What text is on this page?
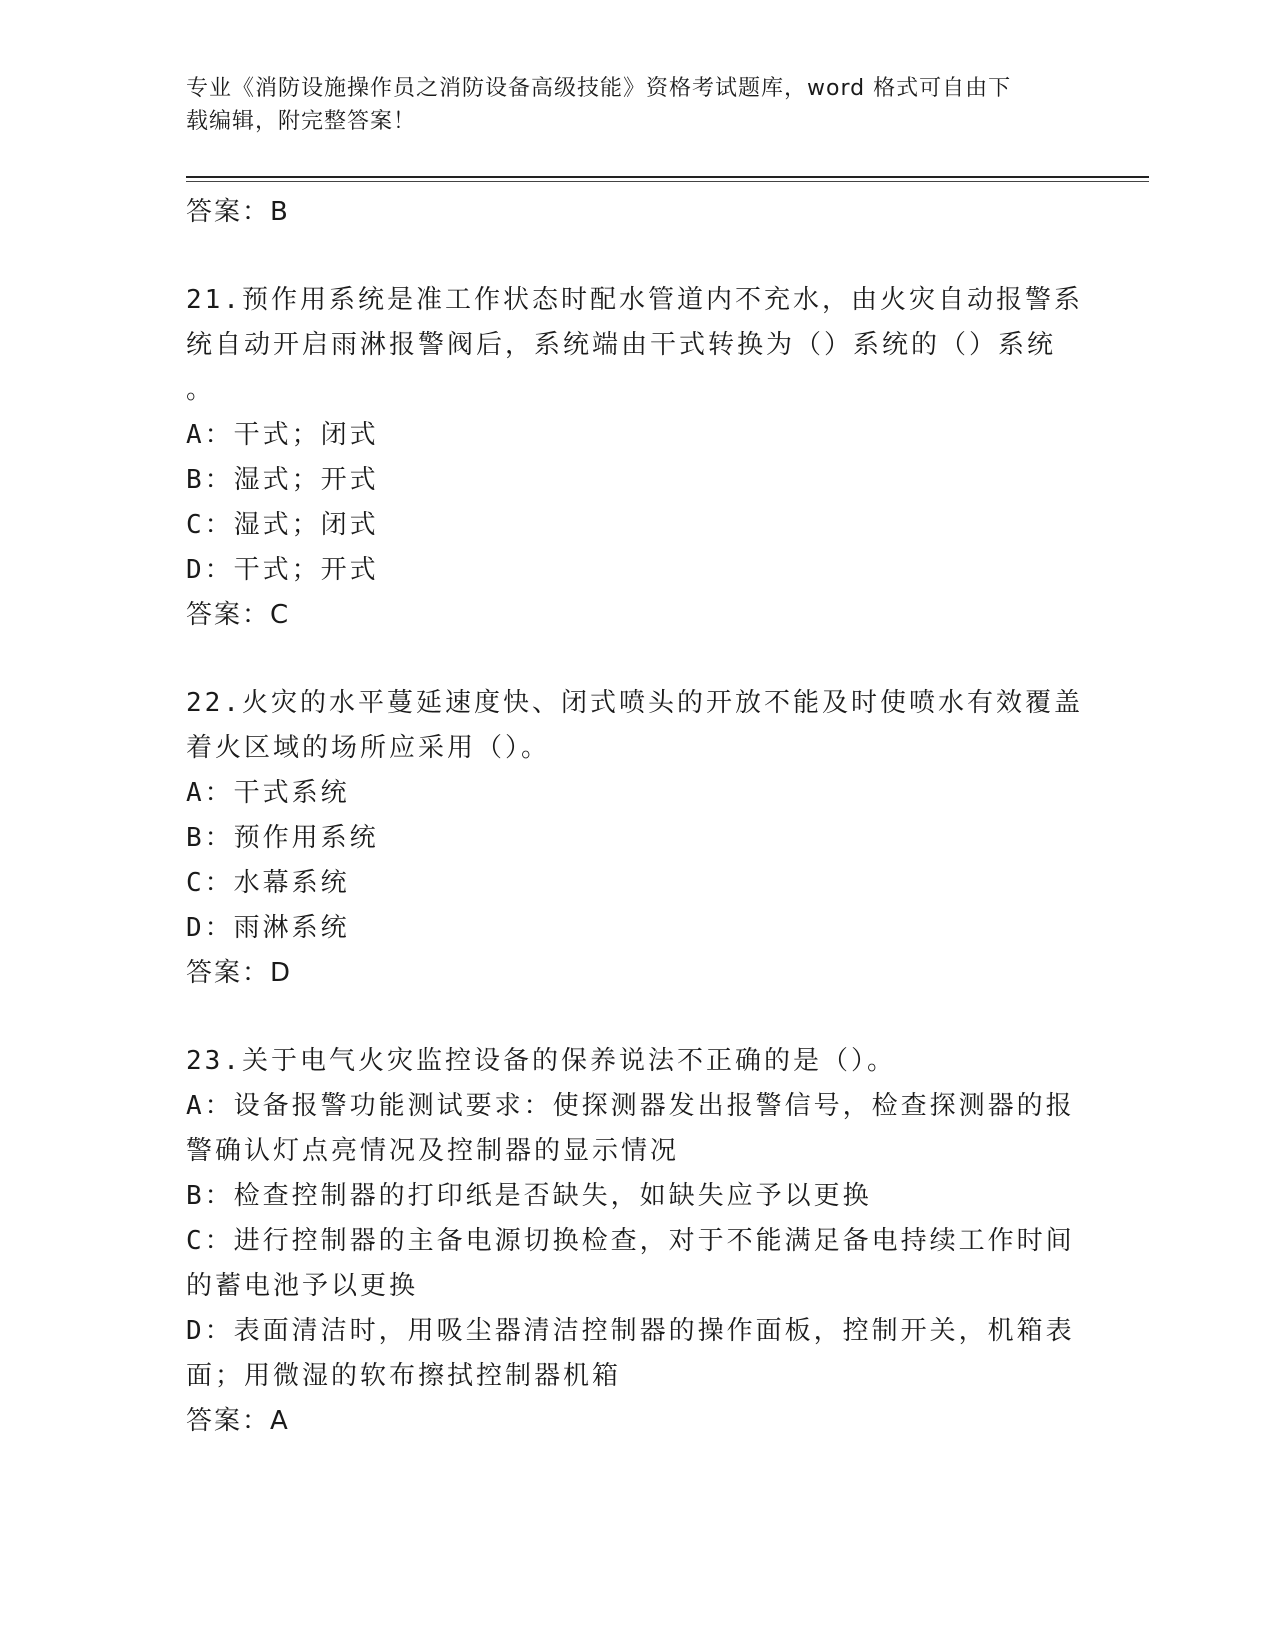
专业《消防设施操作员之消防设备高级技能》资格考试题库，word 格式可自由下
载编辑，附完整答案！
答案：B
21.预作用系统是准工作状态时配水管道内不充水，由火灾自动报警系
统自动开启雨淋报警阀后，系统端由干式转换为（）系统的（）系统
。
A：干式；闭式
B：湿式；开式
C：湿式；闭式
D：干式；开式
答案：C
22.火灾的水平蔓延速度快、闭式喷头的开放不能及时使喷水有效覆盖
着火区域的场所应采用（）。
A：干式系统
B：预作用系统
C：水幕系统
D：雨淋系统
答案：D
23.关于电气火灾监控设备的保养说法不正确的是（）。
A：设备报警功能测试要求：使探测器发出报警信号，检查探测器的报
警确认灯点亮情况及控制器的显示情况
B：检查控制器的打印纸是否缺失，如缺失应予以更换
C：进行控制器的主备电源切换检查，对于不能满足备电持续工作时间
的蓄电池予以更换
D：表面清洁时，用吸尘器清洁控制器的操作面板，控制开关，机箱表
面；用微湿的软布擦拭控制器机箱
答案：A
